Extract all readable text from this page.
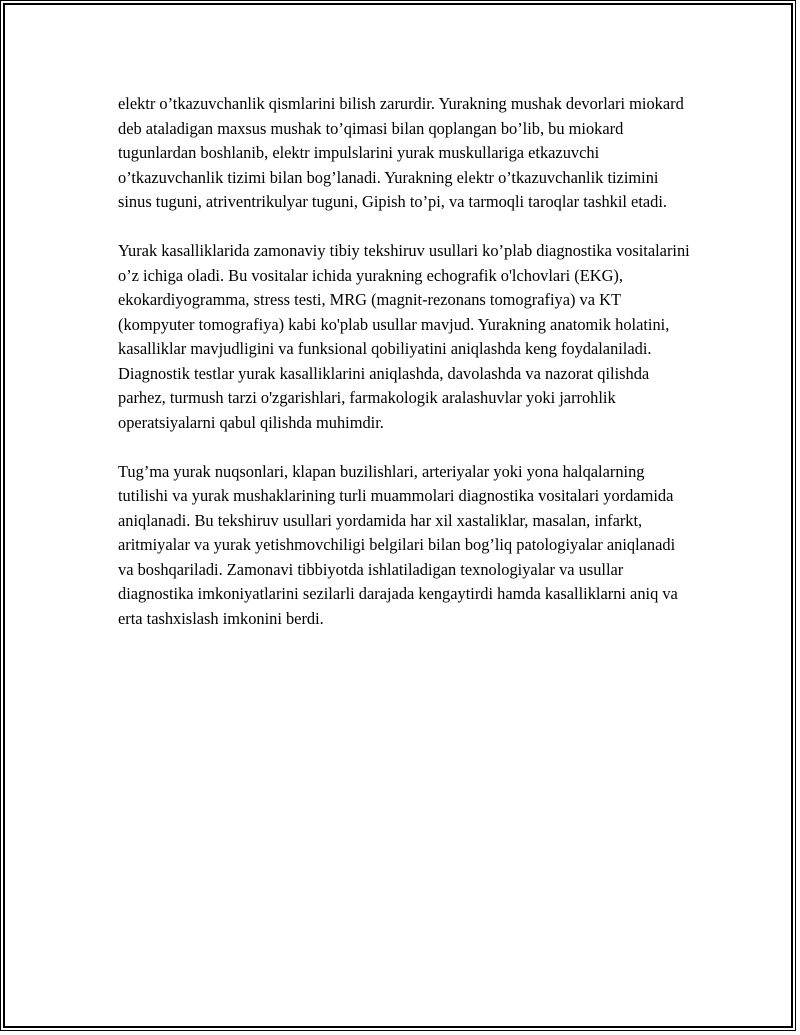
elektr o’tkazuvchanlik qismlarini bilish zarurdir. Yurakning mushak devorlari miokard deb ataladigan maxsus mushak to’qimasi bilan qoplangan bo’lib, bu miokard tugunlardan boshlanib, elektr impulslarini yurak muskullariga etkazuvchi o’tkazuvchanlik tizimi bilan bog’lanadi. Yurakning elektr o’tkazuvchanlik tizimini sinus tuguni, atriventrikulyar tuguni, Gipish to’pi, va tarmoqli taroqlar tashkil etadi.

Yurak kasalliklarida zamonaviy tibiy tekshiruv usullari ko’plab diagnostika vositalarini o’z ichiga oladi. Bu vositalar ichida yurakning echografik o'lchovlari (EKG), ekokardiyogramma, stress testi, MRG (magnit-rezonans tomografiya) va KT (kompyuter tomografiya) kabi ko'plab usullar mavjud. Yurakning anatomik holatini, kasalliklar mavjudligini va funksional qobiliyatini aniqlashda keng foydalaniladi. Diagnostik testlar yurak kasalliklarini aniqlashda, davolashda va nazorat qilishda parhez, turmush tarzi o'zgarishlari, farmakologik aralashuvlar yoki jarrohlik operatsiyalarni qabul qilishda muhimdir.

Tug’ma yurak nuqsonlari, klapan buzilishlari, arteriyalar yoki yona halqalarning tutilishi va yurak mushaklarining turli muammolari diagnostika vositalari yordamida aniqlanadi. Bu tekshiruv usullari yordamida har xil xastaliklar, masalan, infarkt, aritmiyalar va yurak yetishmovchiligi belgilari bilan bog’liq patologiyalar aniqlanadi va boshqariladi. Zamonavi tibbiyotda ishlatiladigan texnologiyalar va usullar diagnostika imkoniyatlarini sezilarli darajada kengaytirdi hamda kasalliklarni aniq va erta tashxislash imkonini berdi.
